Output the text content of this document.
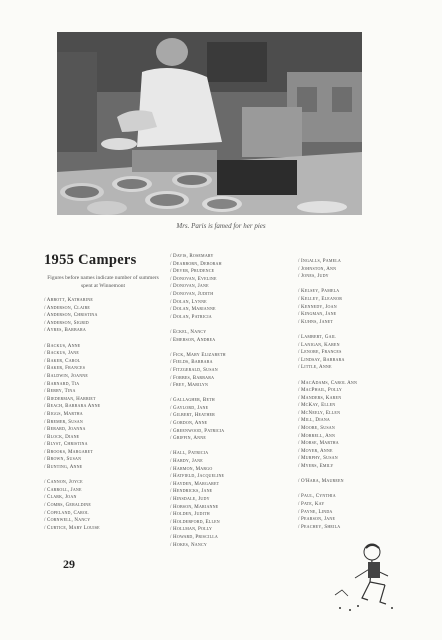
Mrs. Paris is famed for her pies
1955 Campers
Figures before names indicate number of summers spent at Winnemont
/ Abbott, Katharine
/ Anderson, Claire
/ Anderson, Christina
/ Anderson, Sigrid
/ Ayres, Barbara
/ Backus, Anne
/ Backus, Jane
/ Baker, Carol
/ Baker, Frances
/ Baldwin, Joanne
/ Barnard, Tia
/ Berry, Tina
/ Biederman, Harriet
/ Beach, Barbara Anne
/ Biggs, Martha
/ Bremer, Susan
/ Berard, Joanna
/ Block, Diane
/ Blyst, Christina
/ Brooks, Margaret
/ Brown, Susan
/ Bunting, Anne
/ Cannon, Joyce
/ Carroll, Jane
/ Clark, Joan
/ Combs, Geraldine
/ Copeland, Carol
/ Cornwell, Nancy
/ Curtice, Mary Louise
/ Davis, Rosemary
/ Dearborn, Deborah
/ Dever, Prudence
/ Donovan, Eveline
/ Donovan, Jane
/ Donovan, Judith
/ Dolan, Lynne
/ Dolan, Marianne
/ Dolan, Patricia
/ Eckel, Nancy
/ Emerson, Andrea
/ Fick, Mary Elizabeth
/ Fields, Barbara
/ Fitzgerald, Susan
/ Forbes, Barbara
/ Frey, Marilyn
/ Gallagher, Beth
/ Gaylord, Jane
/ Gilbert, Heather
/ Gordon, Anne
/ Greenwood, Patricia
/ Griffin, Anne
/ Hall, Patricia
/ Hardy, Jane
/ Harmon, Margo
/ Hatfield, Jacqueline
/ Hayden, Margaret
/ Hendricks, Jane
/ Hinsdale, Judy
/ Hobson, Marianne
/ Holden, Judith
/ Holderford, Ellen
/ Hollman, Polly
/ Howard, Priscilla
/ Hokes, Nancy
/ Ingalls, Pamela
/ Johnston, Ann
/ Jones, Judy
/ Kelsey, Pamela
/ Kelley, Eleanor
/ Kennedy, Joan
/ Kingman, Jane
/ Kuhns, Janet
/ Lambert, Gail
/ Lanigan, Karen
/ Lenore, Frances
/ Lindsay, Barbara
/ Little, Anne
/ MacAdams, Carol Ann
/ MacPhail, Polly
/ Manders, Karen
/ McKay, Ellen
/ McNeely, Ellen
/ Mill, Diana
/ Moore, Susan
/ Morrell, Ann
/ Morse, Martha
/ Moyer, Anne
/ Murphy, Susan
/ Myers, Emily
/ O'Hara, Maureen
/ Paul, Cynthia
/ Pate, Kay
/ Payne, Linda
/ Pearson, Jane
/ Peachey, Sheila
29
